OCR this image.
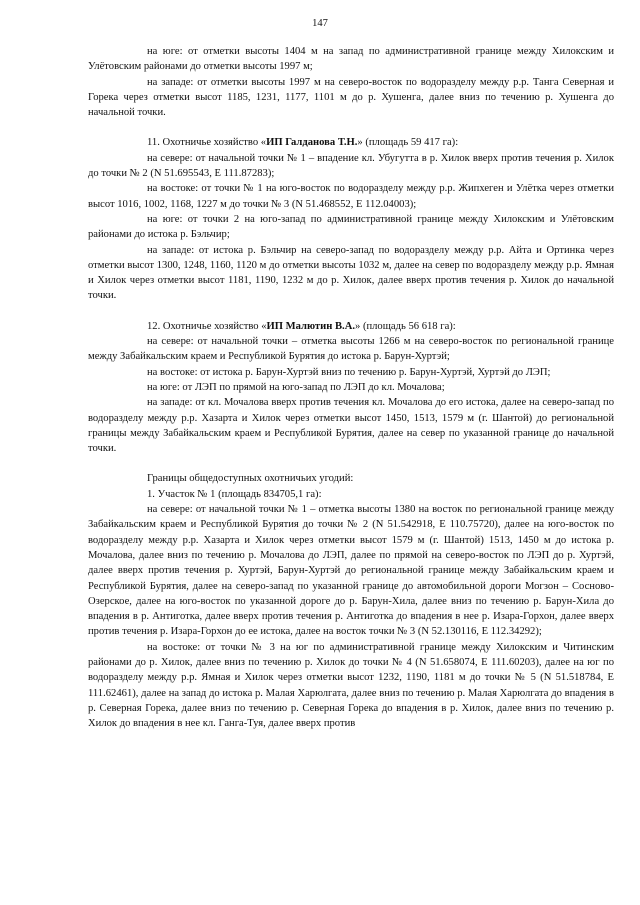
147

на юге: от отметки высоты 1404 м на запад по административной границе между Хилокским и Улётовским районами до отметки высоты 1997 м;

на западе: от отметки высоты 1997 м на северо-восток по водоразделу между р.р. Танга Северная и Горека через отметки высот 1185, 1231, 1177, 1101 м до р. Хушенга, далее вниз по течению р. Хушенга до начальной точки.

11. Охотничье хозяйство «ИП Галданова Т.Н.» (площадь 59 417 га):

на севере: от начальной точки № 1 – впадение кл. Убугутта в р. Хилок вверх против течения р. Хилок до точки № 2 (N 51.695543, E 111.87283);

на востоке: от точки № 1 на юго-восток по водоразделу между р.р. Жипхеген и Улётка через отметки высот 1016, 1002, 1168, 1227 м до точки № 3 (N 51.468552, E 112.04003);

на юге: от точки 2 на юго-запад по административной границе между Хилокским и Улётовским районами до истока р. Бэльчир;

на западе: от истока р. Бэльчир на северо-запад по водоразделу между р.р. Айта и Ортинка через отметки высот 1300, 1248, 1160, 1120 м до отметки высоты 1032 м, далее на север по водоразделу между р.р. Ямная и Хилок через отметки высот 1181, 1190, 1232 м до р. Хилок, далее вверх против течения р. Хилок до начальной точки.

12. Охотничье хозяйство «ИП Малютин В.А.» (площадь 56 618 га):

на севере: от начальной точки – отметка высоты 1266 м на северо-восток по региональной границе между Забайкальским краем и Республикой Бурятия до истока р. Барун-Хуртэй;

на востоке: от истока р. Барун-Хуртэй вниз по течению р. Барун-Хуртэй, Хуртэй до ЛЭП;

на юге: от ЛЭП по прямой на юго-запад по ЛЭП до кл. Мочалова;

на западе: от кл. Мочалова вверх против течения кл. Мочалова до его истока, далее на северо-запад по водоразделу между р.р. Хазарта и Хилок через отметки высот 1450, 1513, 1579 м (г. Шантой) до региональной границы между Забайкальским краем и Республикой Бурятия, далее на север по указанной границе до начальной точки.

Границы общедоступных охотничьих угодий:

1. Участок № 1 (площадь 834705,1 га):

на севере: от начальной точки № 1 – отметка высоты 1380 на восток по региональной границе между Забайкальским краем и Республикой Бурятия до точки № 2 (N 51.542918, E 110.75720), далее на юго-восток по водоразделу между р.р. Хазарта и Хилок через отметки высот 1579 м (г. Шантой) 1513, 1450 м до истока р. Мочалова, далее вниз по течению р. Мочалова до ЛЭП, далее по прямой на северо-восток по ЛЭП до р. Хуртэй, далее вверх против течения р. Хуртэй, Барун-Хуртэй до региональной границе между Забайкальским краем и Республикой Бурятия, далее на северо-запад по указанной границе до автомобильной дороги Могзон – Сосново-Озерское, далее на юго-восток по указанной дороге до р. Барун-Хила, далее вниз по течению р. Барун-Хила до впадения в р. Антиготка, далее вверх против течения р. Антиготка до впадения в нее р. Изара-Горхон, далее вверх против течения р. Изара-Горхон до ее истока, далее на восток точки № 3 (N 52.130116, E 112.34292);

на востоке: от точки № 3 на юг по административной границе между Хилокским и Читинским районами до р. Хилок, далее вниз по течению р. Хилок до точки № 4 (N 51.658074, E 111.60203), далее на юг по водоразделу между р.р. Ямная и Хилок через отметки высот 1232, 1190, 1181 м до точки № 5 (N 51.518784, E 111.62461), далее на запад до истока р. Малая Харюлгата, далее вниз по течению р. Малая Харюлгата до впадения в р. Северная Горека, далее вниз по течению р. Северная Горека до впадения в р. Хилок, далее вниз по течению р. Хилок до впадения в нее кл. Ганга-Туя, далее вверх против
